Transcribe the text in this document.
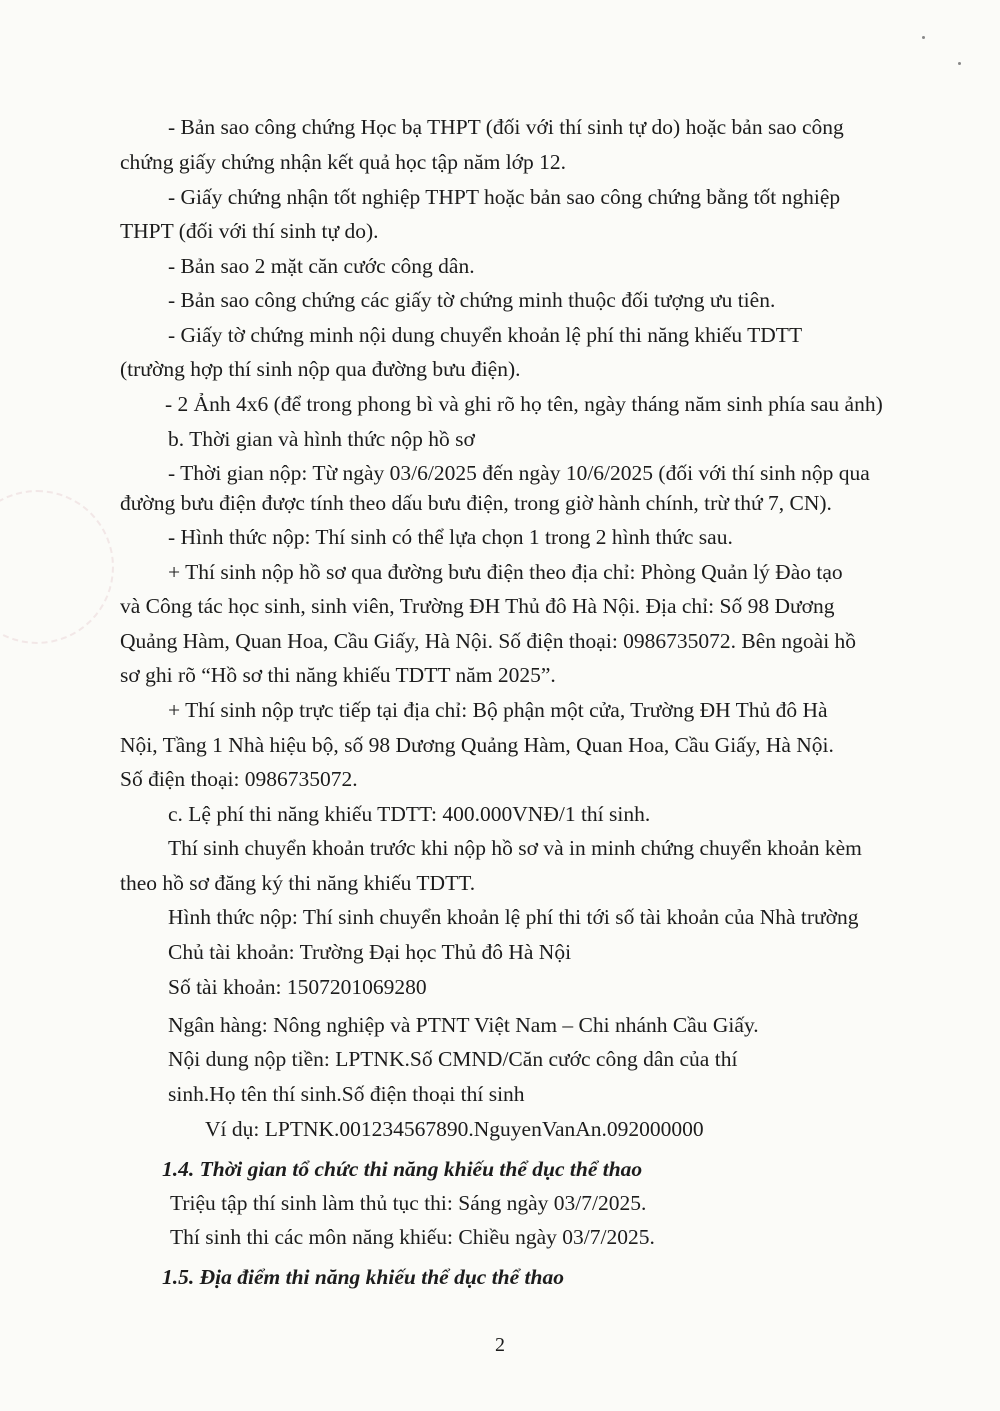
- Bản sao công chứng Học bạ THPT (đối với thí sinh tự do) hoặc bản sao công

chứng giấy chứng nhận kết quả học tập năm lớp 12.

- Giấy chứng nhận tốt nghiệp THPT hoặc bản sao công chứng bằng tốt nghiệp

THPT (đối với thí sinh tự do).

- Bản sao 2 mặt căn cước công dân.

- Bản sao công chứng các giấy tờ chứng minh thuộc đối tượng ưu tiên.

- Giấy tờ chứng minh nội dung chuyển khoản lệ phí thi năng khiếu TDTT

(trường hợp thí sinh nộp qua đường bưu điện).

- 2 Ảnh 4x6 (để trong phong bì và ghi rõ họ tên, ngày tháng năm sinh phía sau ảnh)

b. Thời gian và hình thức nộp hồ sơ

- Thời gian nộp: Từ ngày 03/6/2025 đến ngày 10/6/2025 (đối với thí sinh nộp qua

đường bưu điện được tính theo dấu bưu điện, trong giờ hành chính, trừ thứ 7, CN).

- Hình thức nộp: Thí sinh có thể lựa chọn 1 trong 2 hình thức sau.

+ Thí sinh nộp hồ sơ qua đường bưu điện theo địa chỉ: Phòng Quản lý Đào tạo

và Công tác học sinh, sinh viên, Trường ĐH Thủ đô Hà Nội. Địa chỉ: Số 98 Dương

Quảng Hàm, Quan Hoa, Cầu Giấy, Hà Nội. Số điện thoại: 0986735072. Bên ngoài hồ

sơ ghi rõ “Hồ sơ thi năng khiếu TDTT năm 2025”.

+ Thí sinh nộp trực tiếp tại địa chỉ: Bộ phận một cửa, Trường ĐH Thủ đô Hà

Nội, Tầng 1 Nhà hiệu bộ, số 98 Dương Quảng Hàm, Quan Hoa, Cầu Giấy, Hà Nội.

Số điện thoại: 0986735072.

c. Lệ phí thi năng khiếu TDTT: 400.000VNĐ/1 thí sinh.

Thí sinh chuyển khoản trước khi nộp hồ sơ và in minh chứng chuyển khoản kèm

theo hồ sơ đăng ký thi năng khiếu TDTT.

Hình thức nộp: Thí sinh chuyển khoản lệ phí thi tới số tài khoản của Nhà trường

Chủ tài khoản: Trường Đại học Thủ đô Hà Nội

Số tài khoản: 1507201069280

Ngân hàng: Nông nghiệp và PTNT Việt Nam – Chi nhánh Cầu Giấy.

Nội dung nộp tiền: LPTNK.Số CMND/Căn cước công dân của thí

sinh.Họ tên thí sinh.Số điện thoại thí sinh

Ví dụ: LPTNK.001234567890.NguyenVanAn.092000000

1.4. Thời gian tổ chức thi năng khiếu thể dục thể thao

Triệu tập thí sinh làm thủ tục thi: Sáng ngày 03/7/2025.

Thí sinh thi các môn năng khiếu: Chiều ngày 03/7/2025.

1.5. Địa điểm thi năng khiếu thể dục thể thao

2
